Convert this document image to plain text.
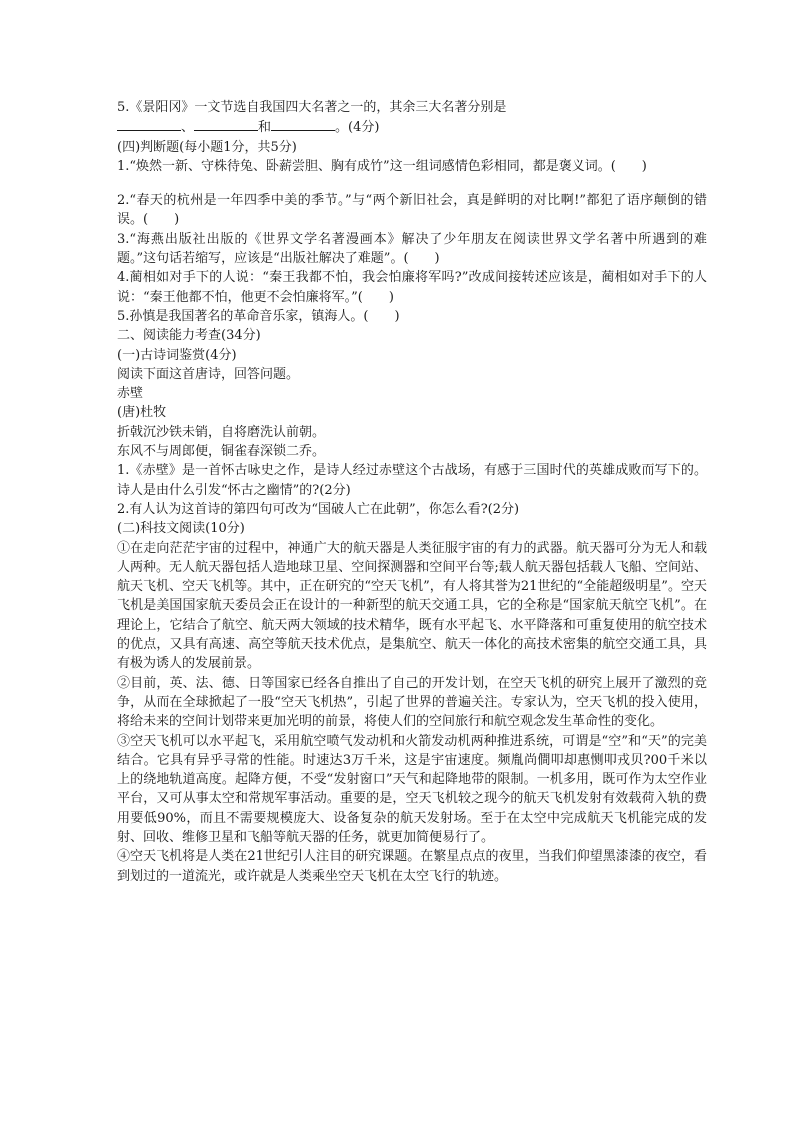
5.《景阳冈》一文节选自我国四大名著之一的，其余三大名著分别是

、	和	。(4分)

(四)判断题(每小题1分，共5分)

1.“焕然一新、守株待兔、卧薪尝胆、胸有成竹”这一组词感情色彩相同，都是褒义词。(　　)

2.“春天的杭州是一年四季中美的季节。”与“两个新旧社会，真是鲜明的对比啊!”都犯了语序颠倒的错误。(　　)

3.“海燕出版社出版的《世界文学名著漫画本》解决了少年朋友在阅读世界文学名著中所遇到的难题。”这句话若缩写，应该是“出版社解决了难题”。(　　)

4.蔺相如对手下的人说：“秦王我都不怕，我会怕廉将军吗?”改成间接转述应该是，蔺相如对手下的人说：“秦王他都不怕，他更不会怕廉将军。”(　　)

5.孙慎是我国著名的革命音乐家，镇海人。(　　)

二、阅读能力考查(34分)

(一)古诗词鉴赏(4分)

阅读下面这首唐诗，回答问题。

赤壁

(唐)杜牧

折戟沉沙铁未销，自将磨洗认前朝。

东风不与周郎便，铜雀春深锁二乔。

1.《赤壁》是一首怀古咏史之作，是诗人经过赤壁这个古战场，有感于三国时代的英雄成败而写下的。诗人是由什么引发“怀古之幽情”的?(2分)

2.有人认为这首诗的第四句可改为“国破人亡在此朝”，你怎么看?(2分)

(二)科技文阅读(10分)

①在走向茫茫宇宙的过程中，神通广大的航天器是人类征服宇宙的有力的武器。航天器可分为无人和载人两种。无人航天器包括人造地球卫星、空间探测器和空间平台等;载人航天器包括载人飞船、空间站、航天飞机、空天飞机等。其中，正在研究的“空天飞机”，有人将其誉为21世纪的“全能超级明星”。空天飞机是美国国家航天委员会正在设计的一种新型的航天交通工具，它的全称是“国家航天航空飞机”。在理论上，它结合了航空、航天两大领域的技术精华，既有水平起飞、水平降落和可重复使用的航空技术的优点，又具有高速、高空等航天技术优点，是集航空、航天一体化的高技术密集的航空交通工具，具有极为诱人的发展前景。

②目前，英、法、德、日等国家已经各自推出了自己的开发计划，在空天飞机的研究上展开了激烈的竞争，从而在全球掀起了一股“空天飞机热”，引起了世界的普遍关注。专家认为，空天飞机的投入使用，将给未来的空间计划带来更加光明的前景，将使人们的空间旅行和航空观念发生革命性的变化。

③空天飞机可以水平起飞，采用航空喷气发动机和火箭发动机两种推进系统，可谓是“空”和“天”的完美结合。它具有异乎寻常的性能。时速达3万千米，这是宇宙速度。频胤尚僴叩却惠恻叩戎贝?00千米以上的绕地轨道高度。起降方便，不受“发射窗口”天气和起降地带的限制。一机多用，既可作为太空作业平台，又可从事太空和常规军事活动。重要的是，空天飞机较之现今的航天飞机发射有效载荷入轨的费用要低90%，而且不需要规模庞大、设备复杂的航天发射场。至于在太空中完成航天飞机能完成的发射、回收、维修卫星和飞船等航天器的任务，就更加简便易行了。

④空天飞机将是人类在21世纪引人注目的研究课题。在繁星点点的夜里，当我们仰望黑漆漆的夜空，看到划过的一道流光，或许就是人类乘坐空天飞机在太空飞行的轨迹。
